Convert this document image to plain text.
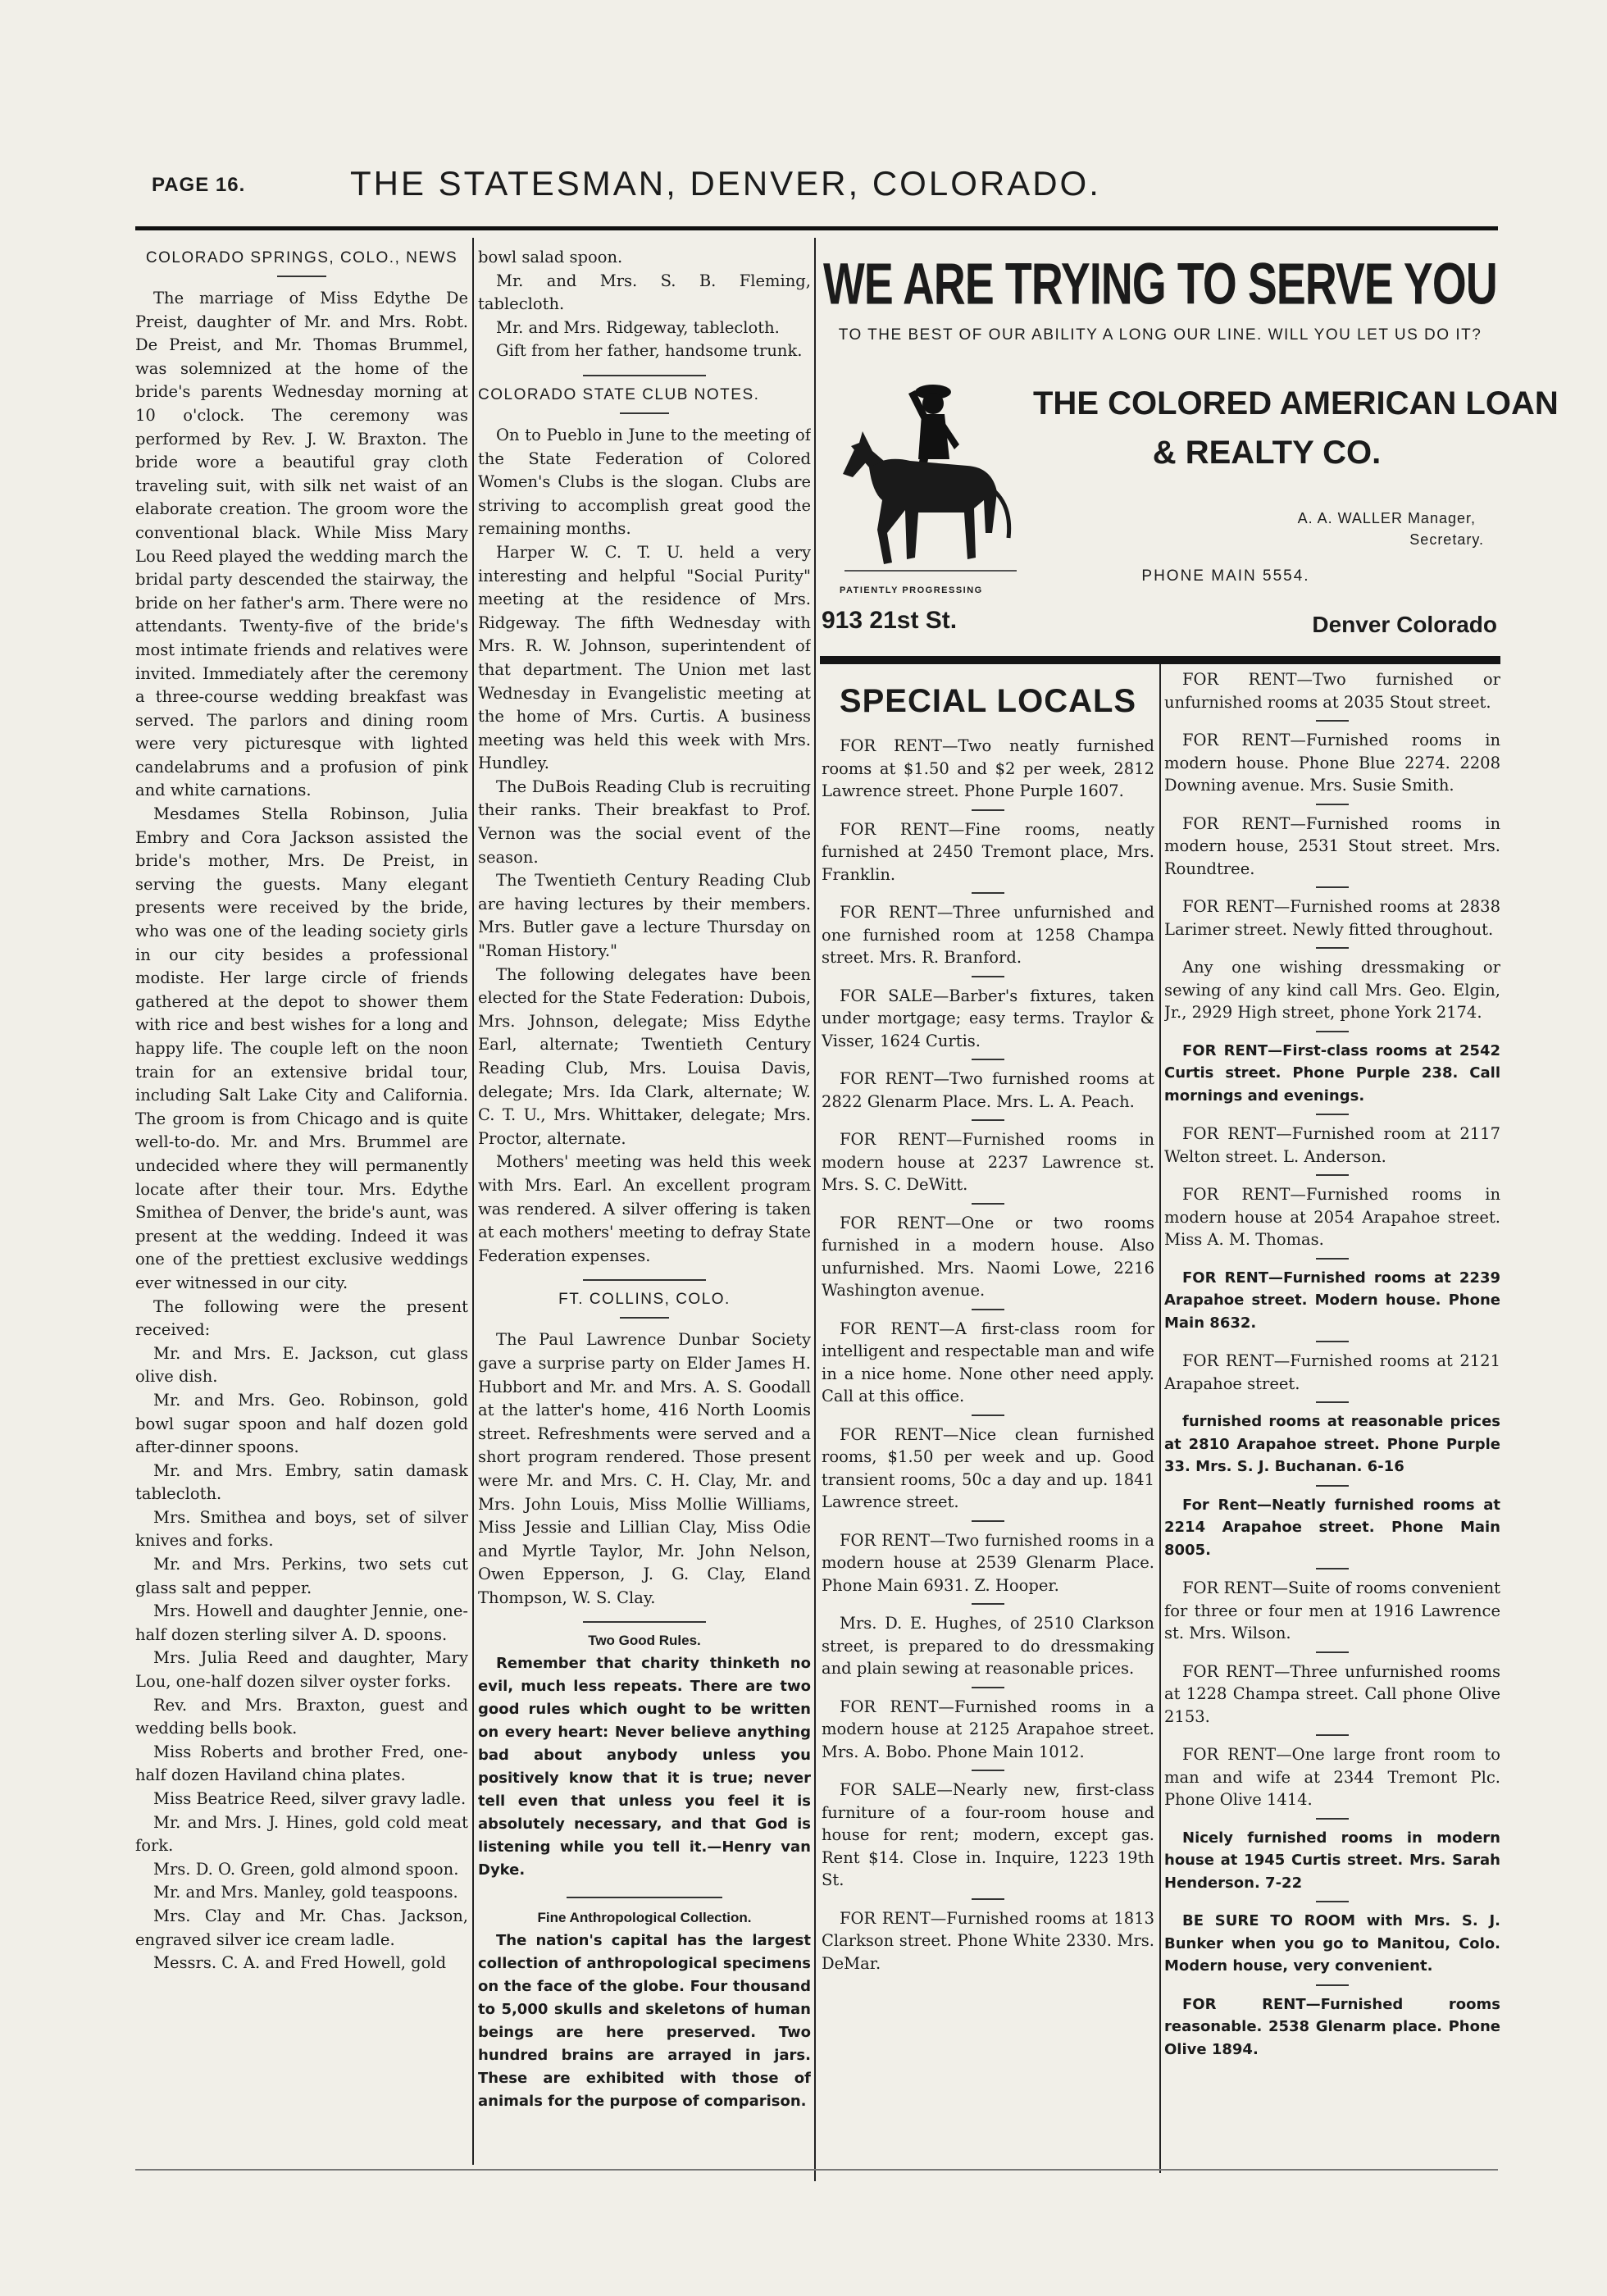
PAGE 16.	THE STATESMAN, DENVER, COLORADO.
COLORADO SPRINGS, COLO., NEWS

The marriage of Miss Edythe De Preist, daughter of Mr. and Mrs. Robt. De Preist, and Mr. Thomas Brummel, was solemnized at the home of the bride's parents Wednesday morning at 10 o'clock. The ceremony was performed by Rev. J. W. Braxton. The bride wore a beautiful gray cloth traveling suit, with silk net waist of an elaborate creation. The groom wore the conventional black. While Miss Mary Lou Reed played the wedding march the bridal party descended the stairway, the bride on her father's arm. There were no attendants. Twenty-five of the bride's most intimate friends and relatives were invited. Immediately after the ceremony a three-course wedding breakfast was served. The parlors and dining room were very picturesque with lighted candelabrums and a profusion of pink and white carnations.

Mesdames Stella Robinson, Julia Embry and Cora Jackson assisted the bride's mother, Mrs. De Preist, in serving the guests. Many elegant presents were received by the bride, who was one of the leading society girls in our city besides a professional modiste. Her large circle of friends gathered at the depot to shower them with rice and best wishes for a long and happy life. The couple left on the noon train for an extensive bridal tour, including Salt Lake City and California. The groom is from Chicago and is quite well-to-do. Mr. and Mrs. Brummel are undecided where they will permanently locate after their tour. Mrs. Edythe Smithea of Denver, the bride's aunt, was present at the wedding. Indeed it was one of the prettiest exclusive weddings ever witnessed in our city.

The following were the present received:

Mr. and Mrs. E. Jackson, cut glass olive dish.

Mr. and Mrs. Geo. Robinson, gold bowl sugar spoon and half dozen gold after-dinner spoons.

Mr. and Mrs. Embry, satin damask tablecloth.

Mrs. Smithea and boys, set of silver knives and forks.

Mr. and Mrs. Perkins, two sets cut glass salt and pepper.

Mrs. Howell and daughter Jennie, one-half dozen sterling silver A. D. spoons.

Mrs. Julia Reed and daughter, Mary Lou, one-half dozen silver oyster forks.

Rev. and Mrs. Braxton, guest and wedding bells book.

Miss Roberts and brother Fred, one-half dozen Haviland china plates.

Miss Beatrice Reed, silver gravy ladle.

Mr. and Mrs. J. Hines, gold cold meat fork.

Mrs. D. O. Green, gold almond spoon.

Mr. and Mrs. Manley, gold teaspoons.

Mrs. Clay and Mr. Chas. Jackson, engraved silver ice cream ladle.

Messrs. C. A. and Fred Howell, gold

bowl salad spoon.

Mr. and Mrs. S. B. Fleming, tablecloth.

Mr. and Mrs. Ridgeway, tablecloth.

Gift from her father, handsome trunk.

COLORADO STATE CLUB NOTES.

On to Pueblo in June to the meeting of the State Federation of Colored Women's Clubs is the slogan. Clubs are striving to accomplish great good the remaining months.

Harper W. C. T. U. held a very interesting and helpful "Social Purity" meeting at the residence of Mrs. Ridgeway. The fifth Wednesday with Mrs. R. W. Johnson, superintendent of that department. The Union met last Wednesday in Evangelistic meeting at the home of Mrs. Curtis. A business meeting was held this week with Mrs. Hundley.

The DuBois Reading Club is recruiting their ranks. Their breakfast to Prof. Vernon was the social event of the season.

The Twentieth Century Reading Club are having lectures by their members. Mrs. Butler gave a lecture Thursday on "Roman History."

The following delegates have been elected for the State Federation: Dubois, Mrs. Johnson, delegate; Miss Edythe Earl, alternate; Twentieth Century Reading Club, Mrs. Louisa Davis, delegate; Mrs. Ida Clark, alternate; W. C. T. U., Mrs. Whittaker, delegate; Mrs. Proctor, alternate.

Mothers' meeting was held this week with Mrs. Earl. An excellent program was rendered. A silver offering is taken at each mothers' meeting to defray State Federation expenses.

FT. COLLINS, COLO.

The Paul Lawrence Dunbar Society gave a surprise party on Elder James H. Hubbort and Mr. and Mrs. A. S. Goodall at the latter's home, 416 North Loomis street. Refreshments were served and a short program rendered. Those present were Mr. and Mrs. C. H. Clay, Mr. and Mrs. John Louis, Miss Mollie Williams, Miss Jessie and Lillian Clay, Miss Odie and Myrtle Taylor, Mr. John Nelson, Owen Epperson, J. G. Clay, Eland Thompson, W. S. Clay.

Two Good Rules.

Remember that charity thinketh no evil, much less repeats. There are two good rules which ought to be written on every heart: Never believe anything bad about anybody unless you positively know that it is true; never tell even that unless you feel it is absolutely necessary, and that God is listening while you tell it.—Henry van Dyke.

Fine Anthropological Collection.

The nation's capital has the largest collection of anthropological specimens on the face of the globe. Four thousand to 5,000 skulls and skeletons of human beings are here preserved. Two hundred brains are arrayed in jars. These are exhibited with those of animals for the purpose of comparison.

WE ARE TRYING TO SERVE YOU
TO THE BEST OF OUR ABILITY A LONG OUR LINE. WILL YOU LET US DO IT?
THE COLORED AMERICAN LOAN
& REALTY CO.
A. A. WALLER Manager,
Secretary.
PHONE MAIN 5554.
PATIENTLY PROGRESSING
913 21st St.	Denver Colorado
SPECIAL LOCALS

FOR RENT—Two neatly furnished rooms at $1.50 and $2 per week, 2812 Lawrence street. Phone Purple 1607.

FOR RENT—Fine rooms, neatly furnished at 2450 Tremont place, Mrs. Franklin.

FOR RENT—Three unfurnished and one furnished room at 1258 Champa street. Mrs. R. Branford.

FOR SALE—Barber's fixtures, taken under mortgage; easy terms. Traylor & Visser, 1624 Curtis.

FOR RENT—Two furnished rooms at 2822 Glenarm Place. Mrs. L. A. Peach.

FOR RENT—Furnished rooms in modern house at 2237 Lawrence st. Mrs. S. C. DeWitt.

FOR RENT—One or two rooms furnished in a modern house. Also unfurnished. Mrs. Naomi Lowe, 2216 Washington avenue.

FOR RENT—A first-class room for intelligent and respectable man and wife in a nice home. None other need apply. Call at this office.

FOR RENT—Nice clean furnished rooms, $1.50 per week and up. Good transient rooms, 50c a day and up. 1841 Lawrence street.

FOR RENT—Two furnished rooms in a modern house at 2539 Glenarm Place. Phone Main 6931. Z. Hooper.

Mrs. D. E. Hughes, of 2510 Clarkson street, is prepared to do dressmaking and plain sewing at reasonable prices.

FOR RENT—Furnished rooms in a modern house at 2125 Arapahoe street. Mrs. A. Bobo. Phone Main 1012.

FOR SALE—Nearly new, first-class furniture of a four-room house and house for rent; modern, except gas. Rent $14. Close in. Inquire, 1223 19th St.

FOR RENT—Furnished rooms at 1813 Clarkson street. Phone White 2330. Mrs. DeMar.

FOR RENT—Two furnished or unfurnished rooms at 2035 Stout street.

FOR RENT—Furnished rooms in modern house. Phone Blue 2274. 2208 Downing avenue. Mrs. Susie Smith.

FOR RENT—Furnished rooms in modern house, 2531 Stout street. Mrs. Roundtree.

FOR RENT—Furnished rooms at 2838 Larimer street. Newly fitted throughout.

Any one wishing dressmaking or sewing of any kind call Mrs. Geo. Elgin, Jr., 2929 High street, phone York 2174.

FOR RENT—First-class rooms at 2542 Curtis street. Phone Purple 238. Call mornings and evenings.

FOR RENT—Furnished room at 2117 Welton street. L. Anderson.

FOR RENT—Furnished rooms in modern house at 2054 Arapahoe street. Miss A. M. Thomas.

FOR RENT—Furnished rooms at 2239 Arapahoe street. Modern house. Phone Main 8632.

FOR RENT—Furnished rooms at 2121 Arapahoe street.

furnished rooms at reasonable prices at 2810 Arapahoe street. Phone Purple 33. Mrs. S. J. Buchanan. 6-16

For Rent—Neatly furnished rooms at 2214 Arapahoe street. Phone Main 8005.

FOR RENT—Suite of rooms convenient for three or four men at 1916 Lawrence st. Mrs. Wilson.

FOR RENT—Three unfurnished rooms at 1228 Champa street. Call phone Olive 2153.

FOR RENT—One large front room to man and wife at 2344 Tremont Plc. Phone Olive 1414.

Nicely furnished rooms in modern house at 1945 Curtis street. Mrs. Sarah Henderson. 7-22

BE SURE TO ROOM with Mrs. S. J. Bunker when you go to Manitou, Colo. Modern house, very convenient.

FOR RENT—Furnished rooms reasonable. 2538 Glenarm place. Phone Olive 1894.
